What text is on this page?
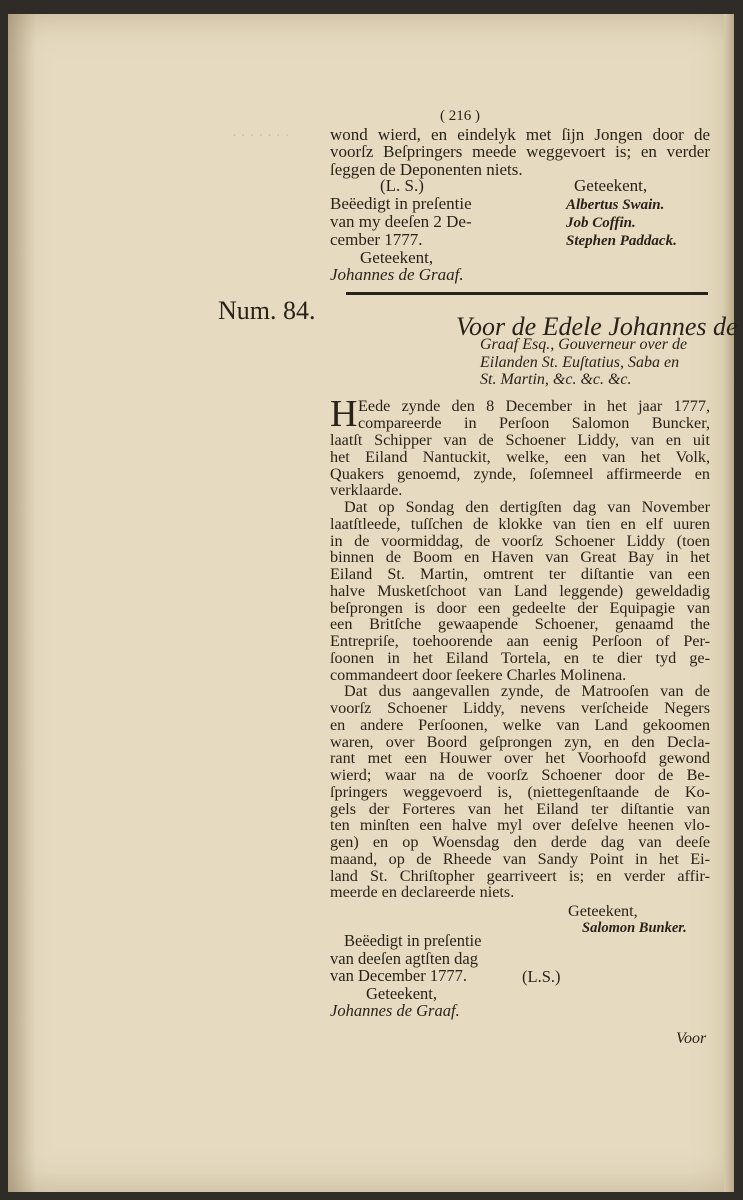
· · · · · · ·
( 216 )
wond wierd, en eindelyk met ſijn Jongen door de
voorſz Beſpringers meede weggevoert is; en verder
ſeggen de Deponenten niets.
(L. S.)
Beëedigt in preſentie
van my deeſen 2 De-
cember 1777.
Geteekent,
Johannes de Graaf.
Geteekent,
Albertus Swain.
Job Coffin.
Stephen Paddack.
Num. 84.
Voor de Edele Johannes de
Graaf Esq., Gouverneur over de
Eilanden St. Euſtatius, Saba en
St. Martin, &c. &c. &c.
H Eede zynde den 8 December in het jaar 1777,
compareerde in Perſoon Salomon Buncker,
laatſt Schipper van de Schoener Liddy, van en uit
het Eiland Nantuckit, welke, een van het Volk,
Quakers genoemd, zynde, ſoſemneel affirmeerde en
verklaarde.
Dat op Sondag den dertigſten dag van November
laatſtleede, tuſſchen de klokke van tien en elf uuren
in de voormiddag, de voorſz Schoener Liddy (toen
binnen de Boom en Haven van Great Bay in het
Eiland St. Martin, omtrent ter diſtantie van een
halve Musketſchoot van Land leggende) geweldadig
beſprongen is door een gedeelte der Equipagie van
een Britſche gewaapende Schoener, genaamd the
Entrepriſe, toehoorende aan eenig Perſoon of Per-
ſoonen in het Eiland Tortela, en te dier tyd ge-
commandeert door ſeekere Charles Molinena.
Dat dus aangevallen zynde, de Matrooſen van de
voorſz Schoener Liddy, nevens verſcheide Negers
en andere Perſoonen, welke van Land gekoomen
waren, over Boord geſprongen zyn, en den Decla-
rant met een Houwer over het Voorhoofd gewond
wierd; waar na de voorſz Schoener door de Be-
ſpringers weggevoerd is, (niettegenſtaande de Ko-
gels der Forteres van het Eiland ter diſtantie van
ten minſten een halve myl over deſelve heenen vlo-
gen) en op Woensdag den derde dag van deeſe
maand, op de Rheede van Sandy Point in het Ei-
land St. Chriſtopher gearriveert is; en verder affir-
meerde en declareerde niets.
Geteekent,
Salomon Bunker.
Beëedigt in preſentie
van deeſen agtſten dag
van December 1777.
Geteekent,
Johannes de Graaf.
(L.S.)
Voor
